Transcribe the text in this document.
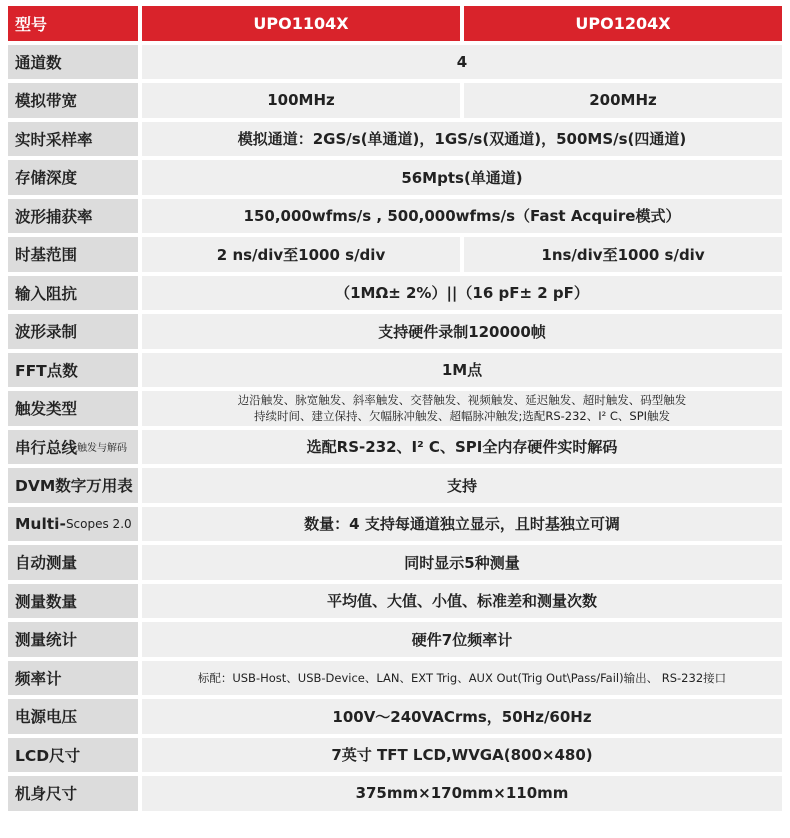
型号	UPO1104X	UPO1204X
通道数	4
模拟带宽	100MHz	200MHz
实时采样率	模拟通道：2GS/s(单通道)，1GS/s(双通道)，500MS/s(四通道)
存储深度	56Mpts(单通道)
波形捕获率	150,000wfms/s , 500,000wfms/s（Fast Acquire模式）
时基范围	2 ns/div至1000 s/div	1ns/div至1000 s/div
输入阻抗	（1MΩ± 2%）||（16 pF± 2 pF）
波形录制	支持硬件录制120000帧
FFT点数	1M点
触发类型	边沿触发、脉宽触发、斜率触发、交替触发、视频触发、延迟触发、超时触发、码型触发
持续时间、建立保持、欠幅脉冲触发、超幅脉冲触发;选配RS-232、I² C、SPI触发
串行总线 触发与解码	选配RS-232、I² C、SPI全内存硬件实时解码
DVM数字万用表	支持
Multi- Scopes 2.0	数量：4 支持每通道独立显示，且时基独立可调
自动测量	同时显示5种测量
测量数量	平均值、大值、小值、标准差和测量次数
测量统计	硬件7位频率计
频率计	标配：USB-Host、USB-Device、LAN、EXT Trig、AUX Out(Trig Out\Pass/Fail)输出、 RS-232接口
电源电压	100V～240VACrms，50Hz/60Hz
LCD尺寸	7英寸 TFT LCD,WVGA(800×480)
机身尺寸	375mm×170mm×110mm
